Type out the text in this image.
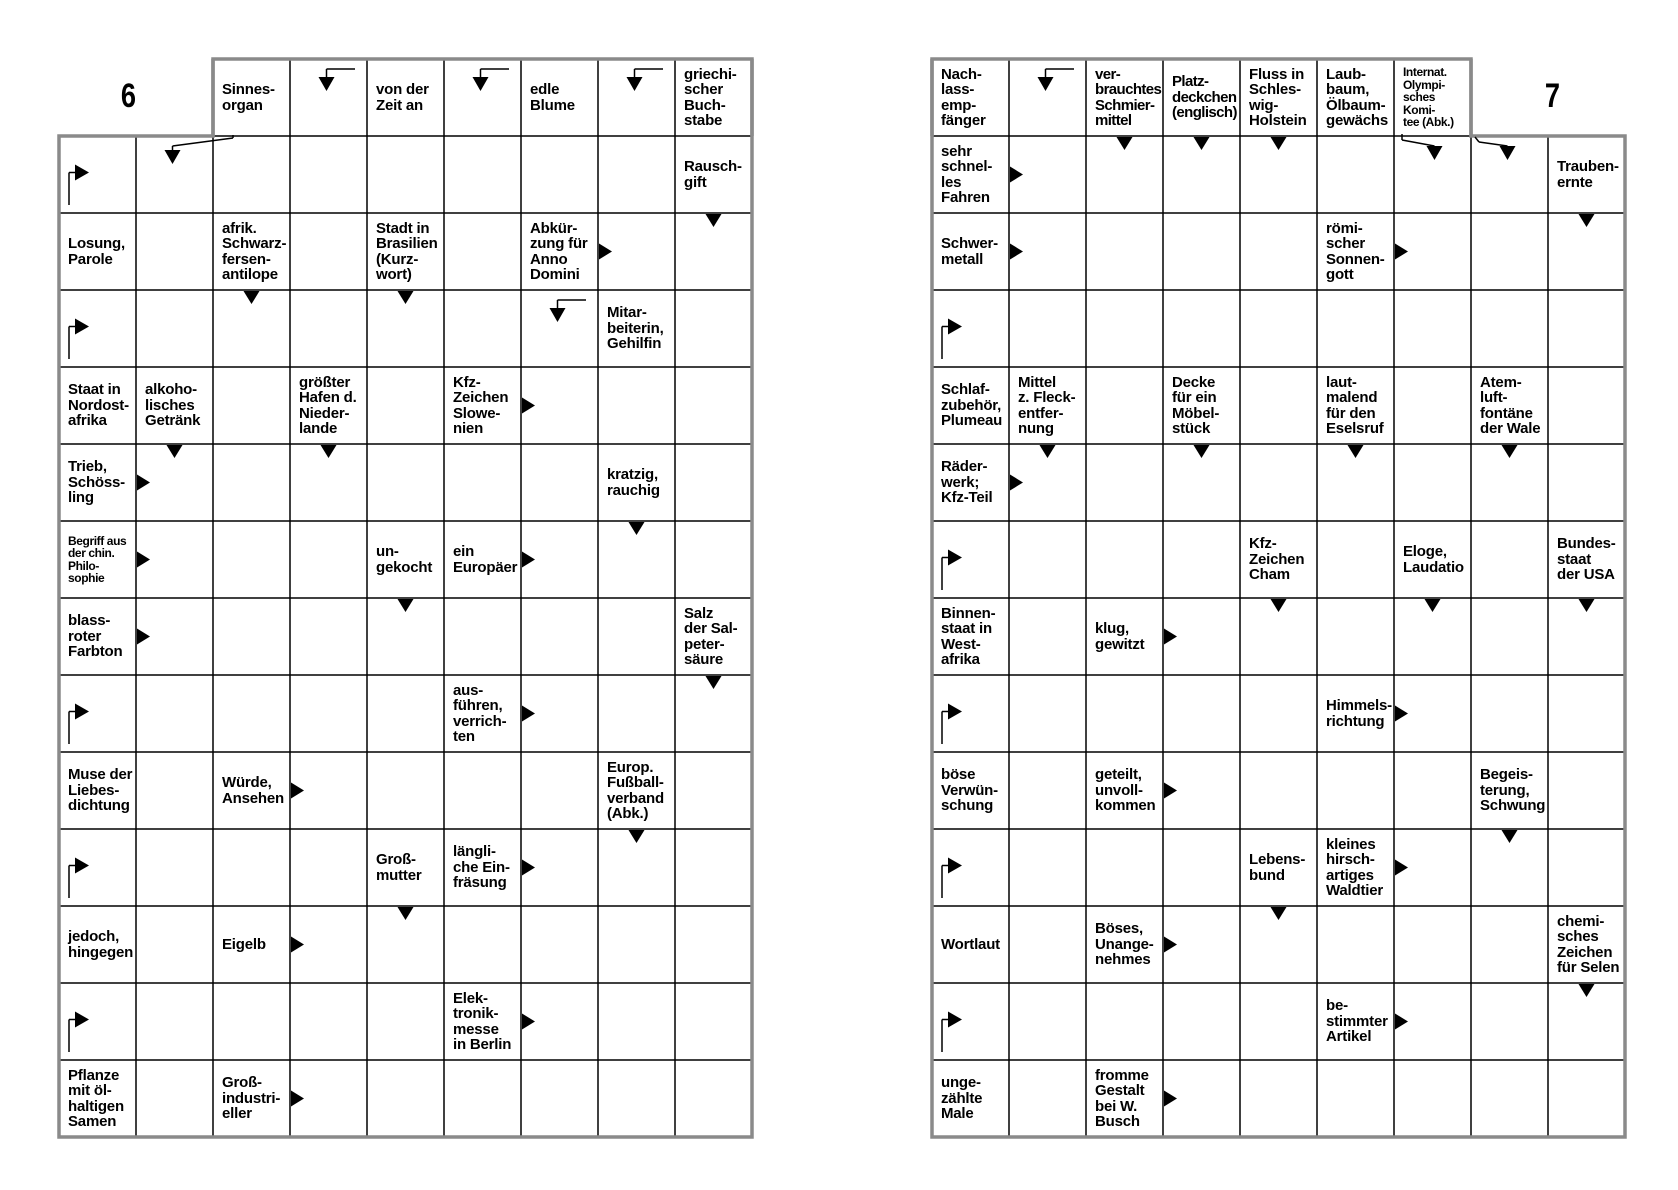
6	Sinnes-
organ
von der
Zeit an
edle
Blume
griechi-
scher
Buch-
stabe
Rausch-
gift
Losung,
Parole
afrik.
Schwarz-
fersen-
antilope
Stadt in
Brasilien
(Kurz-
wort)
Abkür-
zung für
Anno
Domini
Mitar-
beiterin,
Gehilfin
Staat in
Nordost-
afrika
alkoho-
lisches
Getränk
größter
Hafen d.
Nieder-
lande
Kfz-
Zeichen
Slowe-
nien
Trieb,
Schöss-
ling
kratzig,
rauchig
Begriff aus
der chin.
Philo-
sophie
un-
gekocht
ein
Europäer
blass-
roter
Farbton
Salz
der Sal-
peter-
säure
aus-
führen,
verrich-
ten
Muse der
Liebes-
dichtung
Würde,
Ansehen
Europ.
Fußball-
verband
(Abk.)
Groß-
mutter
längli-
che Ein-
fräsung
jedoch,
hingegen	Eigelb
Elek-
tronik-
messe
in Berlin
Pflanze
mit öl-
haltigen
Samen
Groß-
industri-
eller
7
Nach-
lass-
emp-
fänger
ver-
brauchtes
Schmier-
mittel
Platz-
deckchen
(englisch)
Fluss in
Schles-
wig-
Holstein
Laub-
baum,
Ölbaum-
gewächs
Internat.
Olympi-
sches Komi-
tee (Abk.)
sehr
schnel-
les
Fahren
Trauben-
ernte
Schwer-
metall
römi-
scher
Sonnen-
gott
Schlaf-
zubehör,
Plumeau
Mittel
z. Fleck-
entfer-
nung
Decke
für ein
Möbel-
stück
laut-
malend
für den
Eselsruf
Atem-
luft-
fontäne
der Wale
Räder-
werk;
Kfz-Teil
Kfz-
Zeichen
Cham
Eloge,
Laudatio
Bundes-
staat
der USA
Binnen-
staat in
West-
afrika
klug,
gewitzt
Himmels-
richtung
böse
Verwün-
schung
geteilt,
unvoll-
kommen
Begeis-
terung,
Schwung
Lebens-
bund
kleines
hirsch-
artiges
Waldtier
Wortlaut
Böses,
Unange-
nehmes
chemi-
sches
Zeichen
für Selen
be-
stimmter
Artikel
unge-
zählte
Male
fromme
Gestalt
bei W.
Busch
